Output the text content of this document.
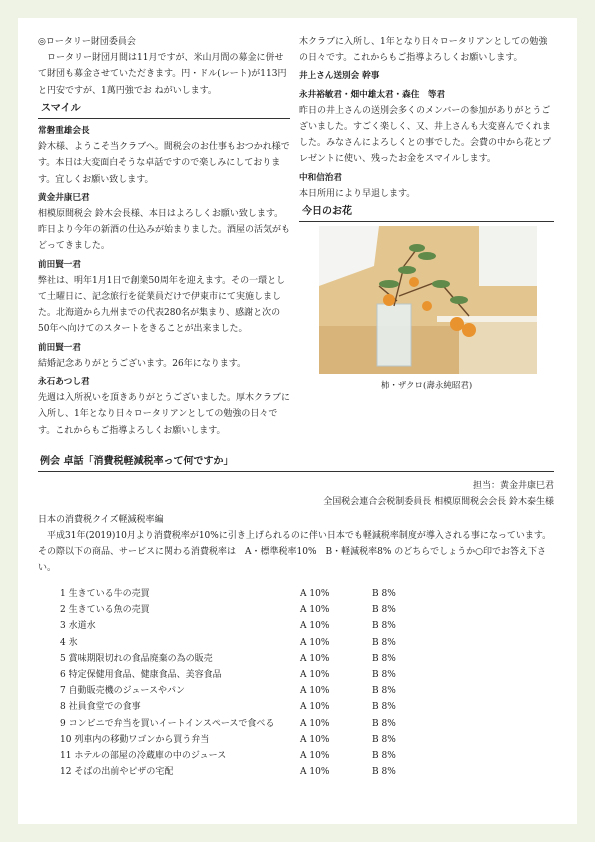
◎ロータリー財団委員会

ロータリー財団月間は11月ですが、米山月間の募金に併せて財団も募金させていただきます。円・ドル(レート)が113円と円安ですが、1萬円強でお ねがいします。

スマイル
常磐重雄会長

鈴木様、ようこそ当クラブへ。間税会のお仕事もおつかれ様です。本日は大変面白そうな卓話ですので楽しみにしております。宜しくお願い致します。

黄金井康巳君

相模原間税会 鈴木会長様、本日はよろしくお願い致します。昨日より今年の新酒の仕込みが始まりました。酒屋の活気がもどってきました。

前田賢一君

弊社は、明年1月1日で創業50周年を迎えます。その一環として土曜日に、記念旅行を従業員だけで伊東市にて実施しました。北海道から九州までの代表280名が集まり、感謝と次の50年へ向けてのスタートをきることが出来ました。

前田賢一君

結婚記念ありがとうございます。26年になります。

永石あつし君

先週は入所祝いを頂きありがとうございました。厚木クラブに入所し、1年となり日々ロータリアンとしての勉強の日々です。これからもご指導よろしくお願いします。

木クラブに入所し、1年となり日々ロータリアンとしての勉強の日々です。これからもご指導よろしくお願いします。

井上さん送別会 幹事
永井裕敏君・畑中雄太君・森住　等君

昨日の井上さんの送別会多くのメンバーの参加がありがとうございました。すごく楽しく、又、井上さんも大変喜んでくれました。みなさんによろしくとの事でした。会費の中から花とプレゼントに使い、残ったお金をスマイルします。

中和信治君

本日所用により早退します。

今日のお花
柿・ザクロ(壽永純昭君)
例会 卓話「消費税軽減税率って何ですか」

担当：黄金井康巳君

全国税会連合会税制委員長 相模原間税会会長 鈴木泰生様

日本の消費税クイズ軽減税率編

平成31年(2019)10月より消費税率が10%に引き上げられるのに伴い日本でも軽減税率制度が導入される事になっています。その際以下の商品、サービスに関わる消費税率は　A・標準税率10%　B・軽減税率8% のどちらでしょうか○印でお答え下さい。

1 生きている牛の売買	A 10%	B 8%
2 生きている魚の売買	A 10%	B 8%
3 水道水	A 10%	B 8%
4 氷	A 10%	B 8%
5 賞味期限切れの食品廃棄の為の販売	A 10%	B 8%
6 特定保健用食品、健康食品、美容食品	A 10%	B 8%
7 自動販売機のジュースやパン	A 10%	B 8%
8 社員食堂での食事	A 10%	B 8%
9 コンビニで弁当を買いイートインスペースで食べる	A 10%	B 8%
10 列車内の移動ワゴンから買う弁当	A 10%	B 8%
11 ホテルの部屋の冷蔵庫の中のジュース	A 10%	B 8%
12 そばの出前やピザの宅配	A 10%	B 8%
